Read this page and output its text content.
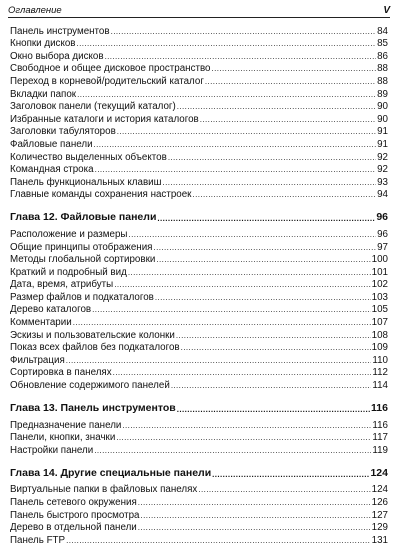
Оглавление	V
Панель инструментов .....	84
Кнопки дисков .....	85
Окно выбора дисков .....	86
Свободное и общее дисковое пространство .....	88
Переход в корневой/родительский каталог .....	88
Вкладки папок .....	89
Заголовок панели (текущий каталог) .....	90
Избранные каталоги и история каталогов .....	90
Заголовки табуляторов .....	91
Файловые панели .....	91
Количество выделенных объектов .....	92
Командная строка .....	92
Панель функциональных клавиш .....	93
Главные команды сохранения настроек .....	94
Глава 12. Файловые панели .....	96
Расположение и размеры .....	96
Общие принципы отображения .....	97
Методы глобальной сортировки .....	100
Краткий и подробный вид .....	101
Дата, время, атрибуты .....	102
Размер файлов и подкаталогов .....	103
Дерево каталогов .....	105
Комментарии .....	107
Эскизы и пользовательские колонки .....	108
Показ всех файлов без подкаталогов .....	109
Фильтрация .....	110
Сортировка в панелях .....	112
Обновление содержимого панелей .....	114
Глава 13. Панель инструментов .....	116
Предназначение панели .....	116
Панели, кнопки, значки .....	117
Настройки панели .....	119
Глава 14. Другие специальные панели .....	124
Виртуальные папки в файловых панелях .....	124
Панель сетевого окружения .....	126
Панель быстрого просмотра .....	127
Дерево в отдельной панели .....	129
Панель FTP .....	131
